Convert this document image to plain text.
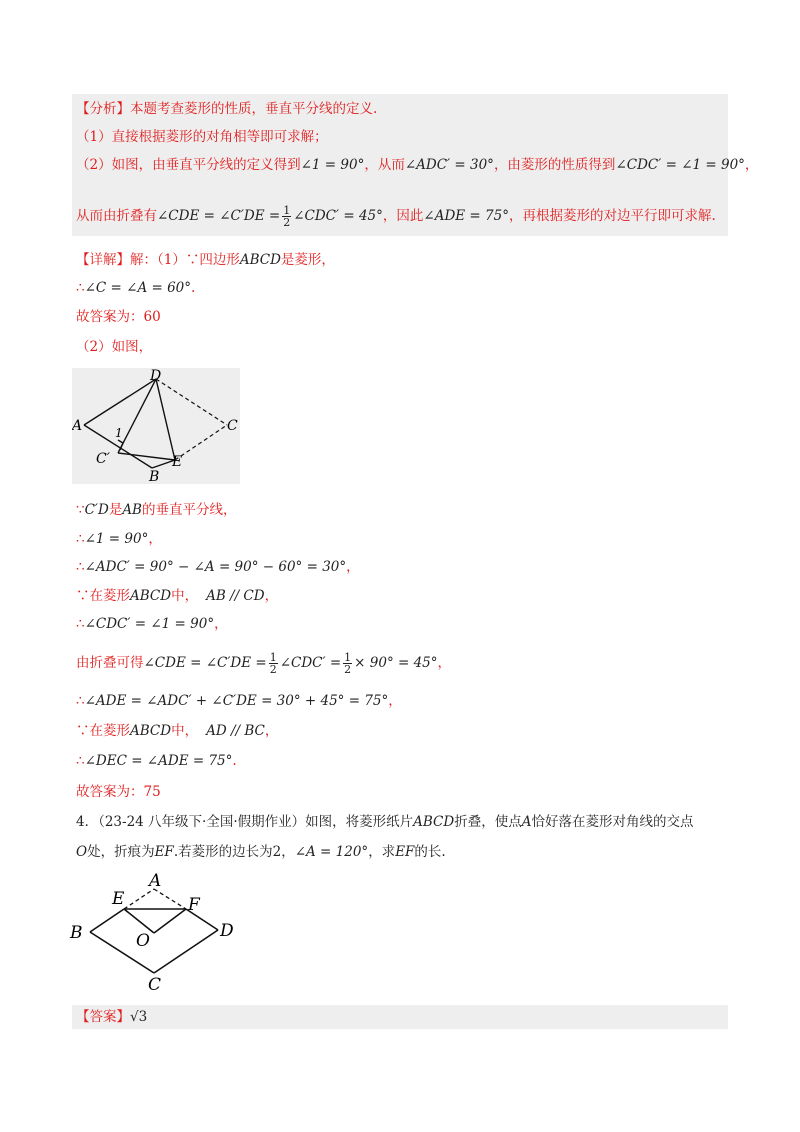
【分析】本题考查菱形的性质，垂直平分线的定义.
（1）直接根据菱形的对角相等即可求解；
（2）如图，由垂直平分线的定义得到∠1 = 90°，从而∠ADC′ = 30°，由菱形的性质得到∠CDC′ = ∠1 = 90°，
从而由折叠有∠CDE = ∠C′DE = $\frac{1}{2}$ ∠CDC′ = 45°，因此∠ADE = 75°，再根据菱形的对边平行即可求解.
【详解】解：（1）∵四边形ABCD是菱形，
∴∠C = ∠A = 60°.
故答案为：60
（2）如图，
D
A	C
1
C′	E
B
∵C′D是AB的垂直平分线，
∴∠1 = 90°，
∴∠ADC′ = 90° − ∠A = 90° − 60° = 30°，
∵在菱形ABCD中， AB // CD，
∴∠CDC′ = ∠1 = 90°，
由折叠可得∠CDE = ∠C′DE = $\frac{1}{2}$ ∠CDC′ = $\frac{1}{2} \times 90^\circ = 45^\circ$，
∴∠ADE = ∠ADC′ + ∠C′DE = 30° + 45° = 75°，
∵在菱形ABCD中， AD // BC，
∴∠DEC = ∠ADE = 75°.
故答案为：75
4．（23-24 八年级下·全国·假期作业）如图，将菱形纸片ABCD折叠，使点A恰好落在菱形对角线的交点
O处，折痕为EF.若菱形的边长为2，∠A = 120°，求EF的长.
A
E	F
B	O	D
C
【答案】√3
